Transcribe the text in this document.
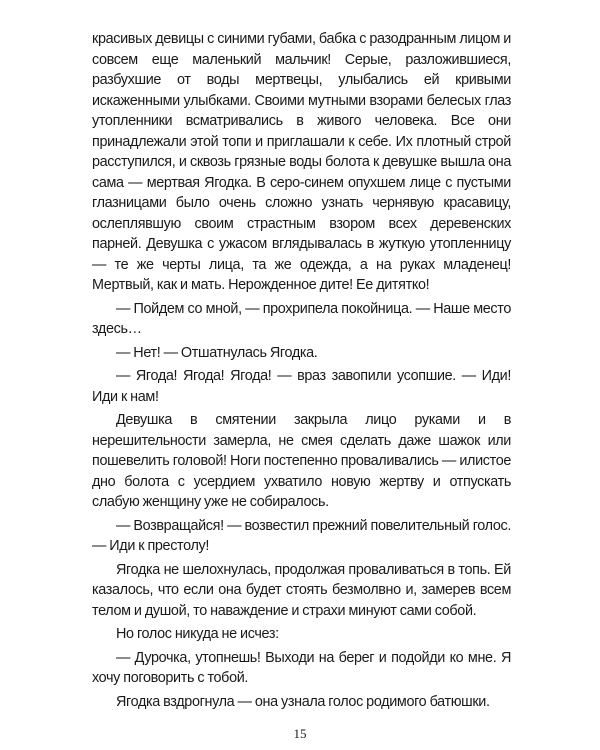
красивых девицы с синими губами, бабка с разодранным лицом и совсем еще маленький мальчик! Серые, разложившиеся, разбухшие от воды мертвецы, улыбались ей кривыми искаженными улыбками. Своими мутными взорами белесых глаз утопленники всматривались в живого человека. Все они принадлежали этой топи и приглашали к себе. Их плотный строй расступился, и сквозь грязные воды болота к девушке вышла она сама — мертвая Ягодка. В серо-синем опухшем лице с пустыми глазницами было очень сложно узнать чернявую красавицу, ослеплявшую своим страстным взором всех деревенских парней. Девушка с ужасом вглядывалась в жуткую утопленницу — те же черты лица, та же одежда, а на руках младенец! Мертвый, как и мать. Нерожденное дите! Ее дитятко!

— Пойдем со мной, — прохрипела покойница. — Наше место здесь…

— Нет! — Отшатнулась Ягодка.

— Ягода! Ягода! Ягода! — враз завопили усопшие. — Иди! Иди к нам!

Девушка в смятении закрыла лицо руками и в нерешительности замерла, не смея сделать даже шажок или пошевелить головой! Ноги постепенно проваливались — илистое дно болота с усердием ухватило новую жертву и отпускать слабую женщину уже не собиралось.

— Возвращайся! — возвестил прежний повелительный голос. — Иди к престолу!

Ягодка не шелохнулась, продолжая проваливаться в топь. Ей казалось, что если она будет стоять безмолвно и, замерев всем телом и душой, то наваждение и страхи минуют сами собой.

Но голос никуда не исчез:

— Дурочка, утопнешь! Выходи на берег и подойди ко мне. Я хочу поговорить с тобой.

Ягодка вздрогнула — она узнала голос родимого батюшки.

15
